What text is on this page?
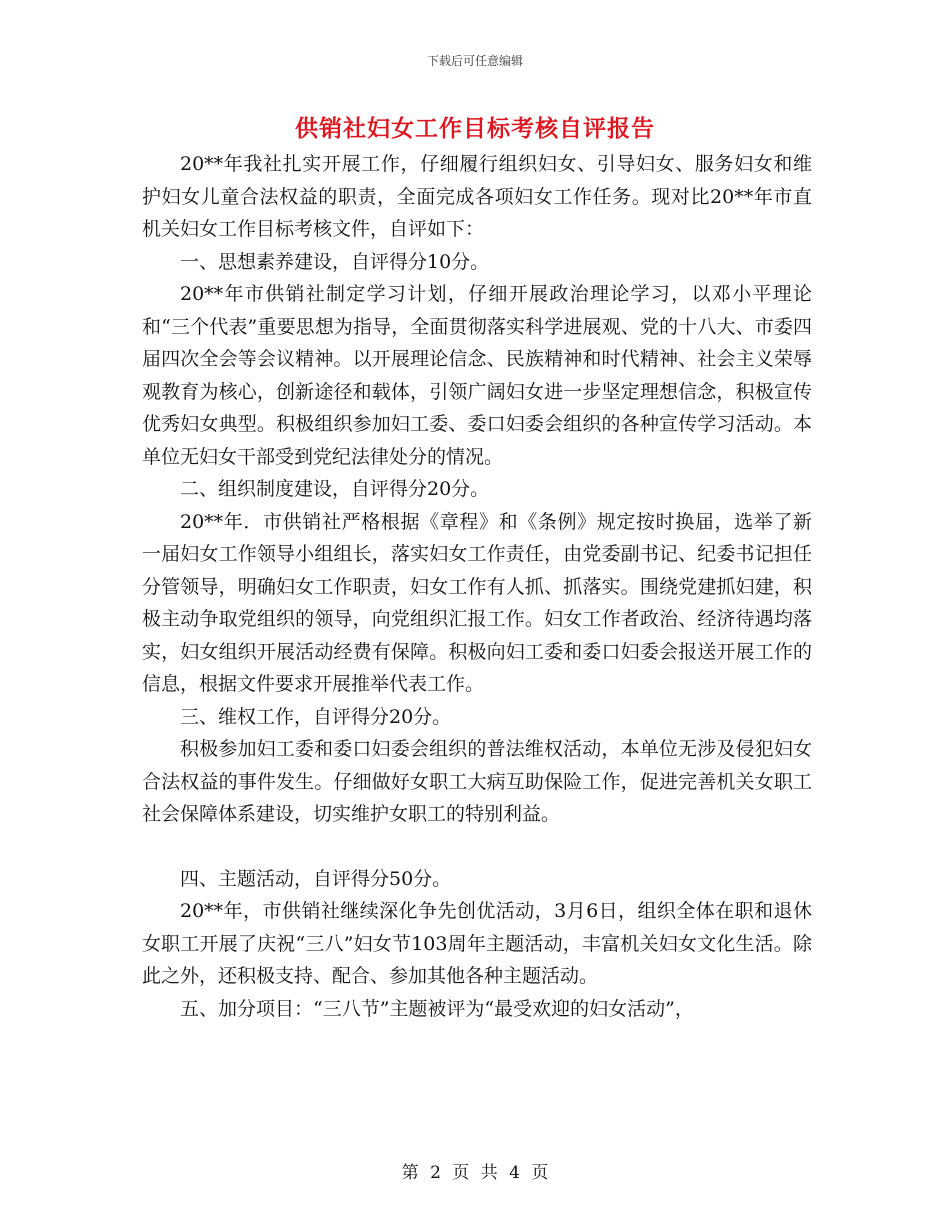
下载后可任意编辑
供销社妇女工作目标考核自评报告

20**年我社扎实开展工作，仔细履行组织妇女、引导妇女、服务妇女和维护妇女儿童合法权益的职责，全面完成各项妇女工作任务。现对比20**年市直机关妇女工作目标考核文件，自评如下：

一、思想素养建设，自评得分10分。

20**年市供销社制定学习计划，仔细开展政治理论学习，以邓小平理论和“三个代表”重要思想为指导，全面贯彻落实科学进展观、党的十八大、市委四届四次全会等会议精神。以开展理论信念、民族精神和时代精神、社会主义荣辱观教育为核心，创新途径和载体，引领广阔妇女进一步坚定理想信念，积极宣传优秀妇女典型。积极组织参加妇工委、委口妇委会组织的各种宣传学习活动。本单位无妇女干部受到党纪法律处分的情况。

二、组织制度建设，自评得分20分。

20**年．市供销社严格根据《章程》和《条例》规定按时换届，选举了新一届妇女工作领导小组组长，落实妇女工作责任，由党委副书记、纪委书记担任分管领导，明确妇女工作职责，妇女工作有人抓、抓落实。围绕党建抓妇建，积极主动争取党组织的领导，向党组织汇报工作。妇女工作者政治、经济待遇均落实，妇女组织开展活动经费有保障。积极向妇工委和委口妇委会报送开展工作的信息，根据文件要求开展推举代表工作。

三、维权工作，自评得分20分。

积极参加妇工委和委口妇委会组织的普法维权活动，本单位无涉及侵犯妇女合法权益的事件发生。仔细做好女职工大病互助保险工作，促进完善机关女职工社会保障体系建设，切实维护女职工的特别利益。

四、主题活动，自评得分50分。

20**年，市供销社继续深化争先创优活动，3月6日，组织全体在职和退休女职工开展了庆祝“三八”妇女节103周年主题活动，丰富机关妇女文化生活。除此之外，还积极支持、配合、参加其他各种主题活动。

五、加分项目：“三八节”主题被评为“最受欢迎的妇女活动”，

第 2 页 共 4 页
